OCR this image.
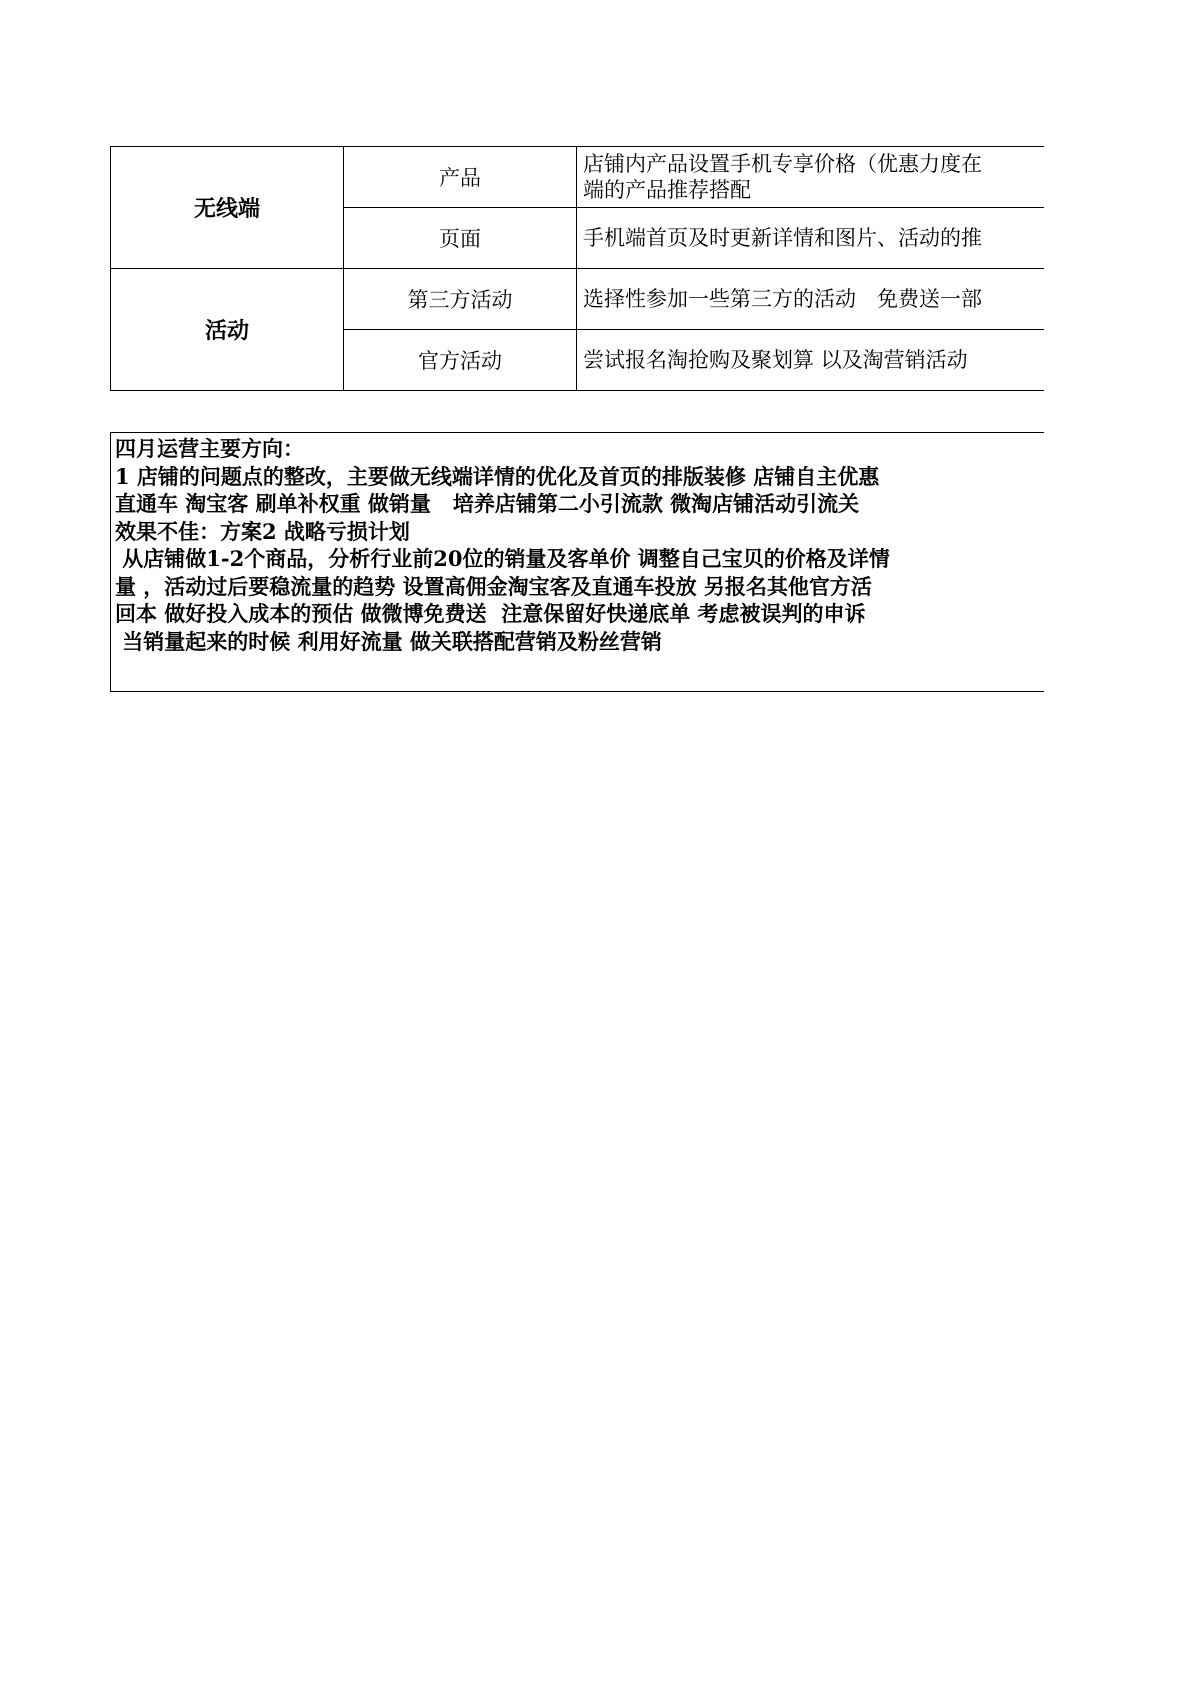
无线端	产品	店铺内产品设置手机专享价格（优惠力度在
端的产品推荐搭配

	页面	手机端首页及时更新详情和图片、活动的推

活动	第三方活动	选择性参加一些第三方的活动　免费送一部

	官方活动	尝试报名淘抢购及聚划算 以及淘营销活动
四月运营主要方向：
1 店铺的问题点的整改，主要做无线端详情的优化及首页的排版装修 店铺自主优惠
直通车 淘宝客 刷单补权重 做销量   培养店铺第二小引流款 微淘店铺活动引流关
效果不佳：方案2 战略亏损计划
从店铺做1-2个商品，分析行业前20位的销量及客单价 调整自己宝贝的价格及详情
量 ，活动过后要稳流量的趋势 设置高佣金淘宝客及直通车投放 另报名其他官方活
回本 做好投入成本的预估 做微博免费送  注意保留好快递底单 考虑被误判的申诉
当销量起来的时候 利用好流量 做关联搭配营销及粉丝营销
